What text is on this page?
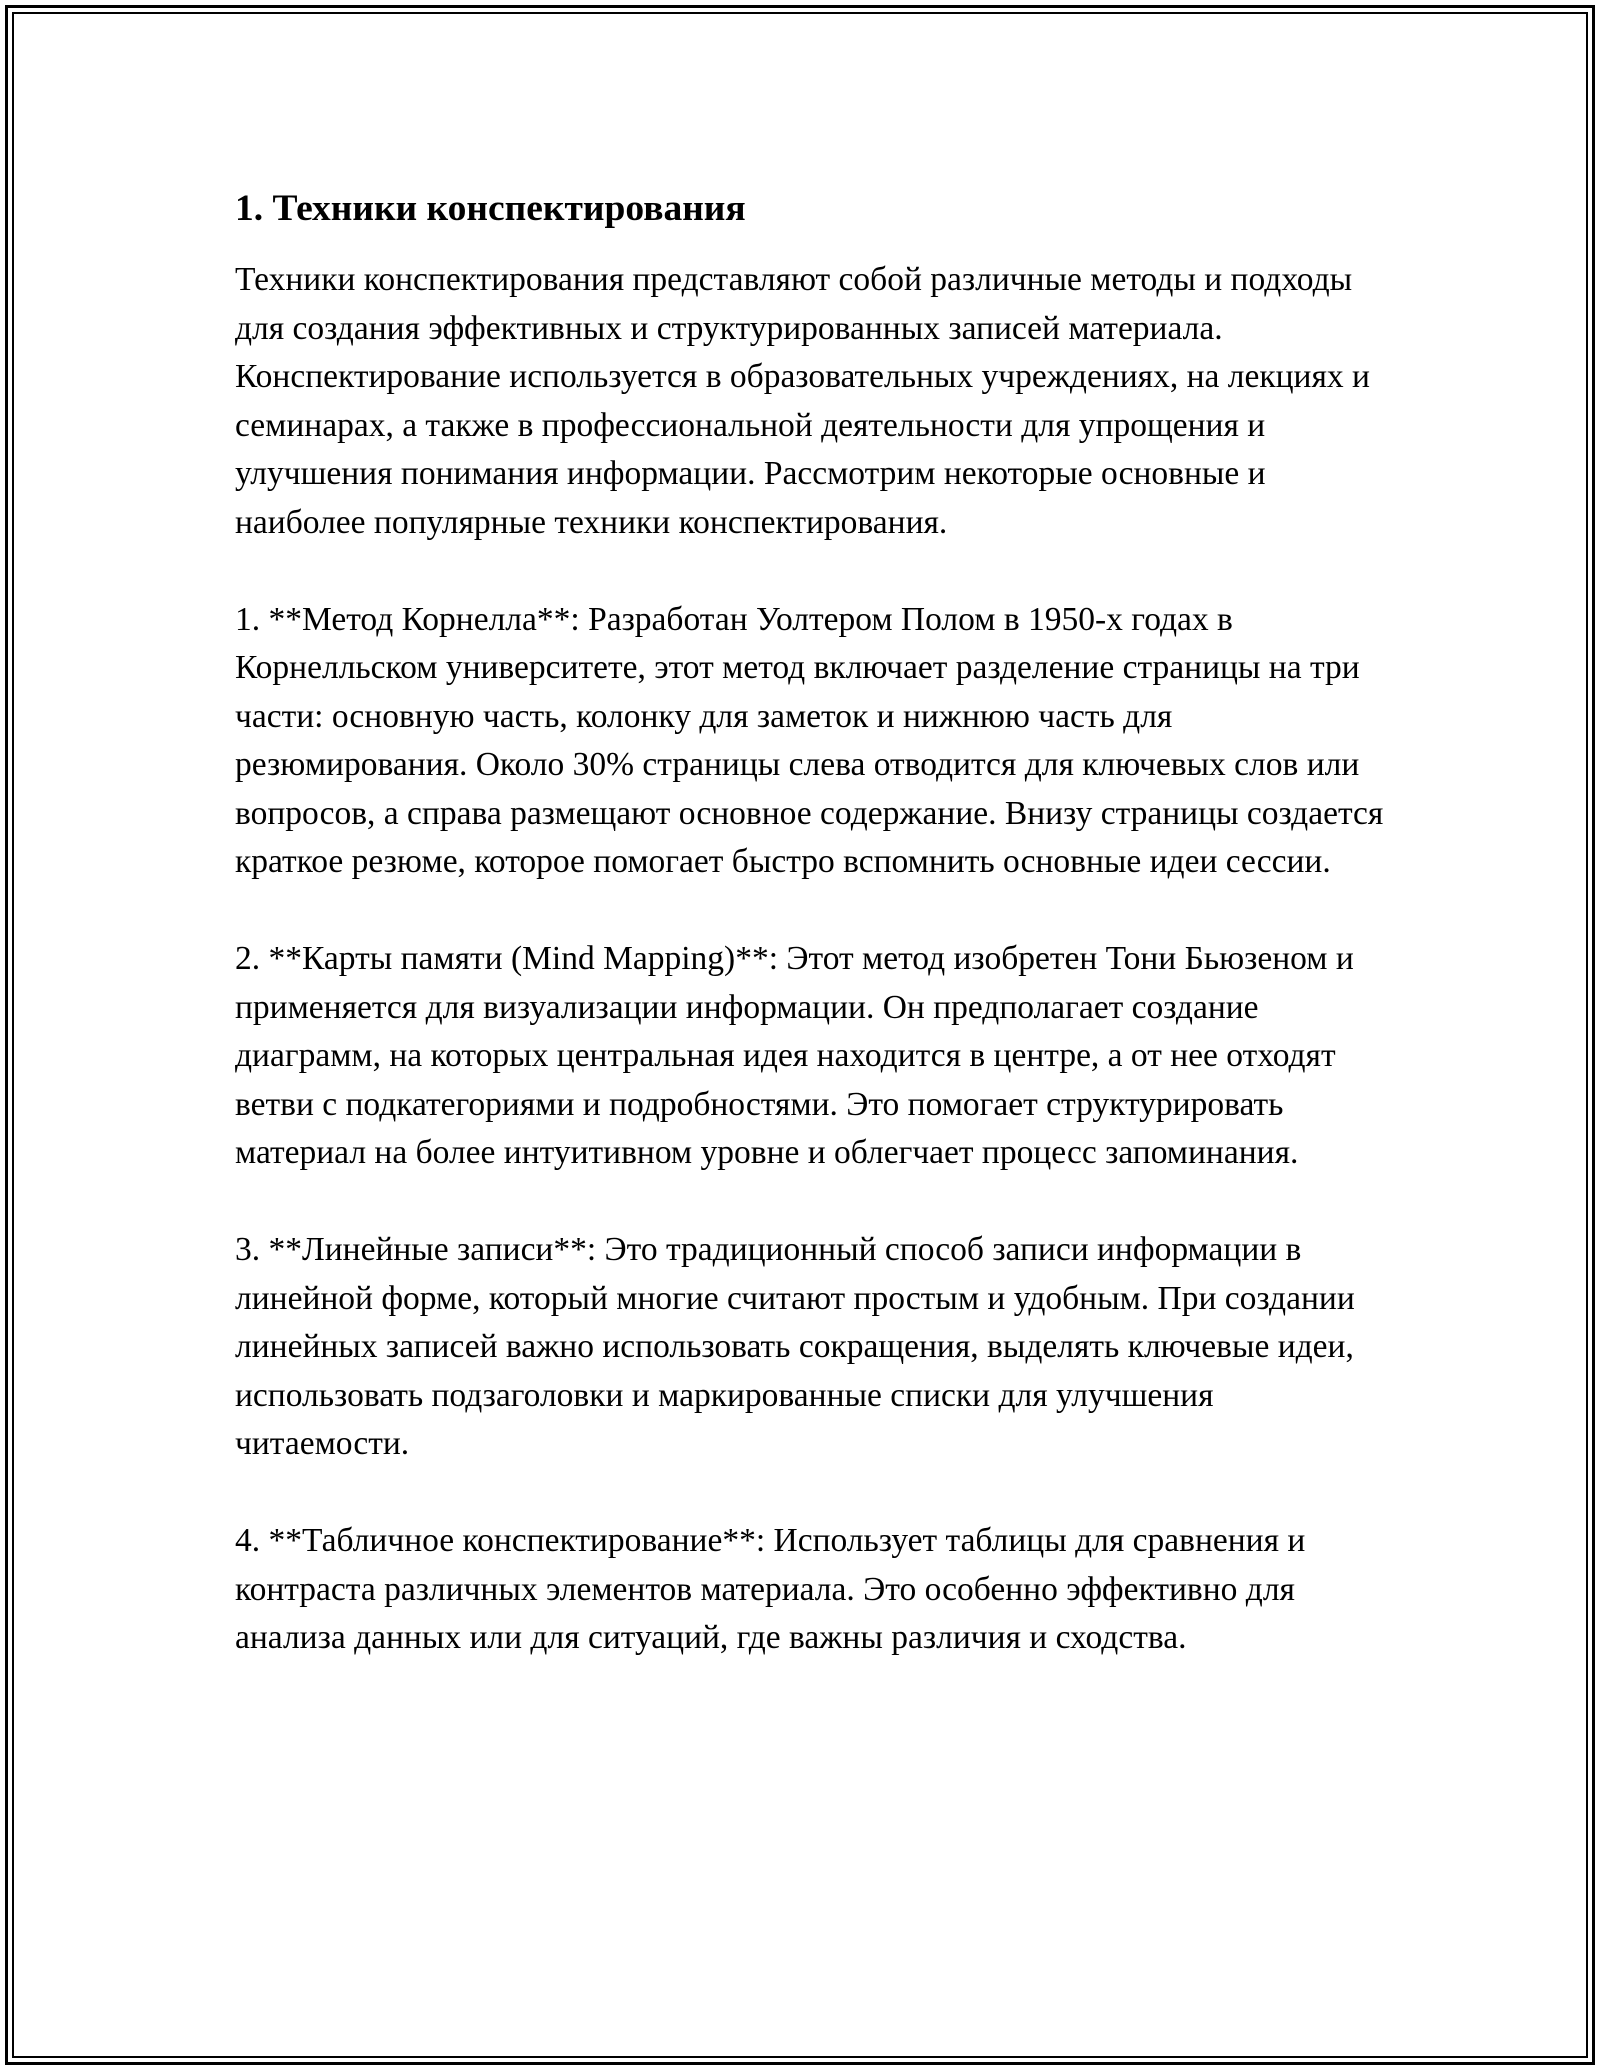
1. Техники конспектирования

Техники конспектирования представляют собой различные методы и подходы для создания эффективных и структурированных записей материала. Конспектирование используется в образовательных учреждениях, на лекциях и семинарах, а также в профессиональной деятельности для упрощения и улучшения понимания информации. Рассмотрим некоторые основные и наиболее популярные техники конспектирования.

1. **Метод Корнелла**: Разработан Уолтером Полом в 1950-х годах в Корнелльском университете, этот метод включает разделение страницы на три части: основную часть, колонку для заметок и нижнюю часть для резюмирования. Около 30% страницы слева отводится для ключевых слов или вопросов, а справа размещают основное содержание. Внизу страницы создается краткое резюме, которое помогает быстро вспомнить основные идеи сессии.

2. **Карты памяти (Mind Mapping)**: Этот метод изобретен Тони Бьюзеном и применяется для визуализации информации. Он предполагает создание диаграмм, на которых центральная идея находится в центре, а от нее отходят ветви с подкатегориями и подробностями. Это помогает структурировать материал на более интуитивном уровне и облегчает процесс запоминания.

3. **Линейные записи**: Это традиционный способ записи информации в линейной форме, который многие считают простым и удобным. При создании линейных записей важно использовать сокращения, выделять ключевые идеи, использовать подзаголовки и маркированные списки для улучшения читаемости.

4. **Табличное конспектирование**: Использует таблицы для сравнения и контраста различных элементов материала. Это особенно эффективно для анализа данных или для ситуаций, где важны различия и сходства.
